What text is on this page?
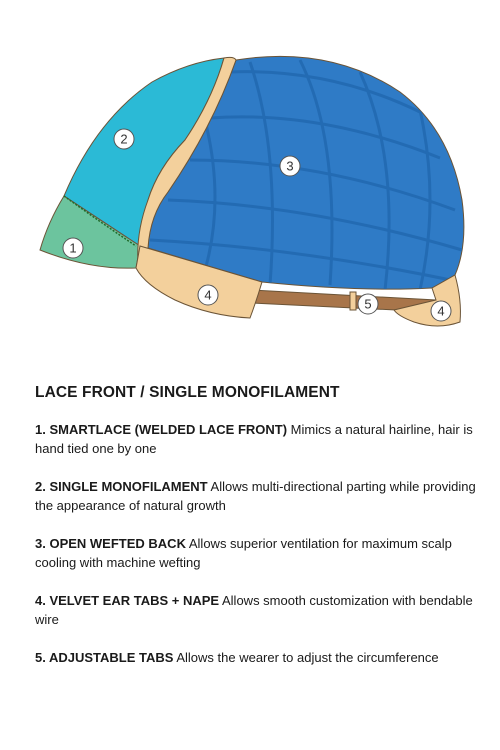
1
2
3
4
5	4
LACE FRONT / SINGLE MONOFILAMENT
1. SMARTLACE (WELDED LACE FRONT) Mimics a natural hairline, hair is hand tied one by one
2. SINGLE MONOFILAMENT Allows multi-directional parting while providing the appearance of natural growth
3. OPEN WEFTED BACK Allows superior ventilation for maximum scalp cooling with machine wefting
4. VELVET EAR TABS + NAPE Allows smooth customization with bendable wire
5. ADJUSTABLE TABS Allows the wearer to adjust the circumference
